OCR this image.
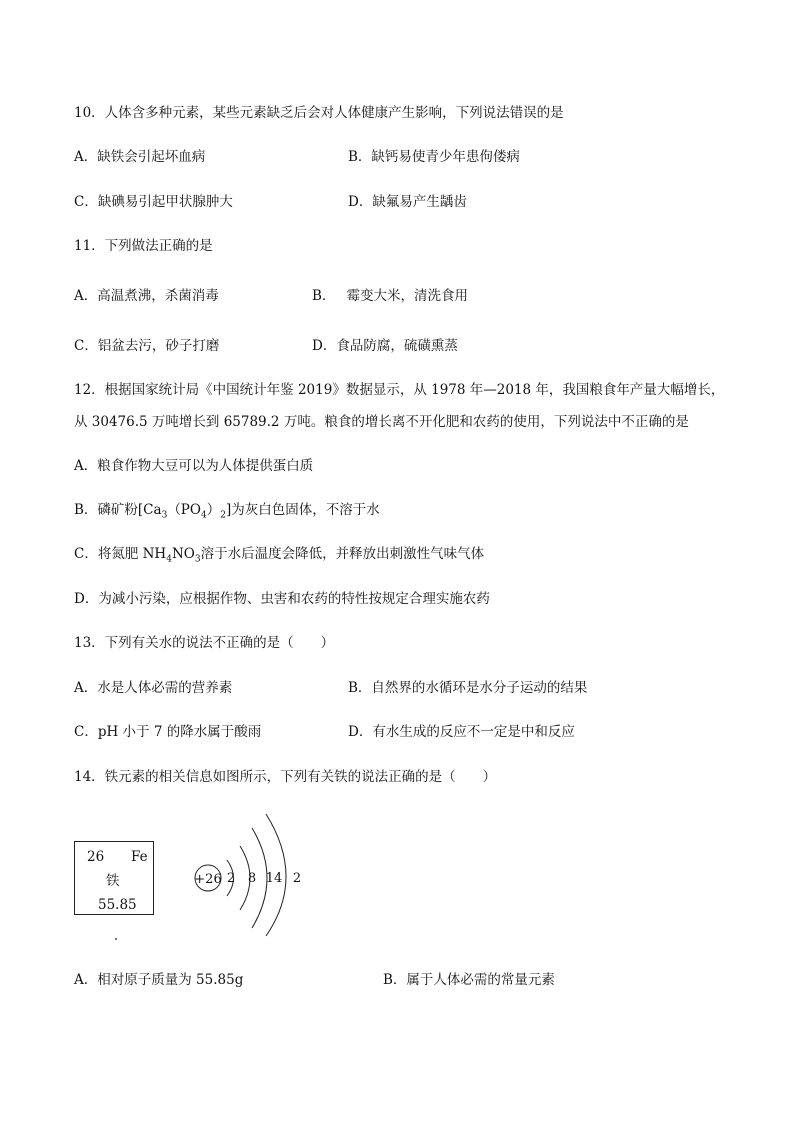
10．人体含多种元素，某些元素缺乏后会对人体健康产生影响，下列说法错误的是
A．缺铁会引起坏血病	B．缺钙易使青少年患佝偻病
C．缺碘易引起甲状腺肿大	D．缺氟易产生龋齿
11．下列做法正确的是
A．高温煮沸，杀菌消毒	B．　 霉变大米，清洗食用
C．铝盆去污，砂子打磨	D．食品防腐，硫磺熏蒸
12．根据国家统计局《中国统计年鉴 2019》数据显示，从 1978 年—2018 年，我国粮食年产量大幅增长，
从 30476.5 万吨增长到 65789.2 万吨。粮食的增长离不开化肥和农药的使用，下列说法中不正确的是
A．粮食作物大豆可以为人体提供蛋白质
B．磷矿粉$[Ca_3(PO_4)_2]$为灰白色固体，不溶于水
C．将氮肥 $NH_4NO_3$溶于水后温度会降低，并释放出刺激性气味气体
D．为减小污染，应根据作物、虫害和农药的特性按规定合理实施农药
13．下列有关水的说法不正确的是（　　）
A．水是人体必需的营养素	B．自然界的水循环是水分子运动的结果
C．pH 小于 7 的降水属于酸雨	D．有水生成的反应不一定是中和反应
14．铁元素的相关信息如图所示，下列有关铁的说法正确的是（　　）
26 Fe
铁
55.85
+26 2 8 14 2
A．相对原子质量为 55.85g	B．属于人体必需的常量元素
